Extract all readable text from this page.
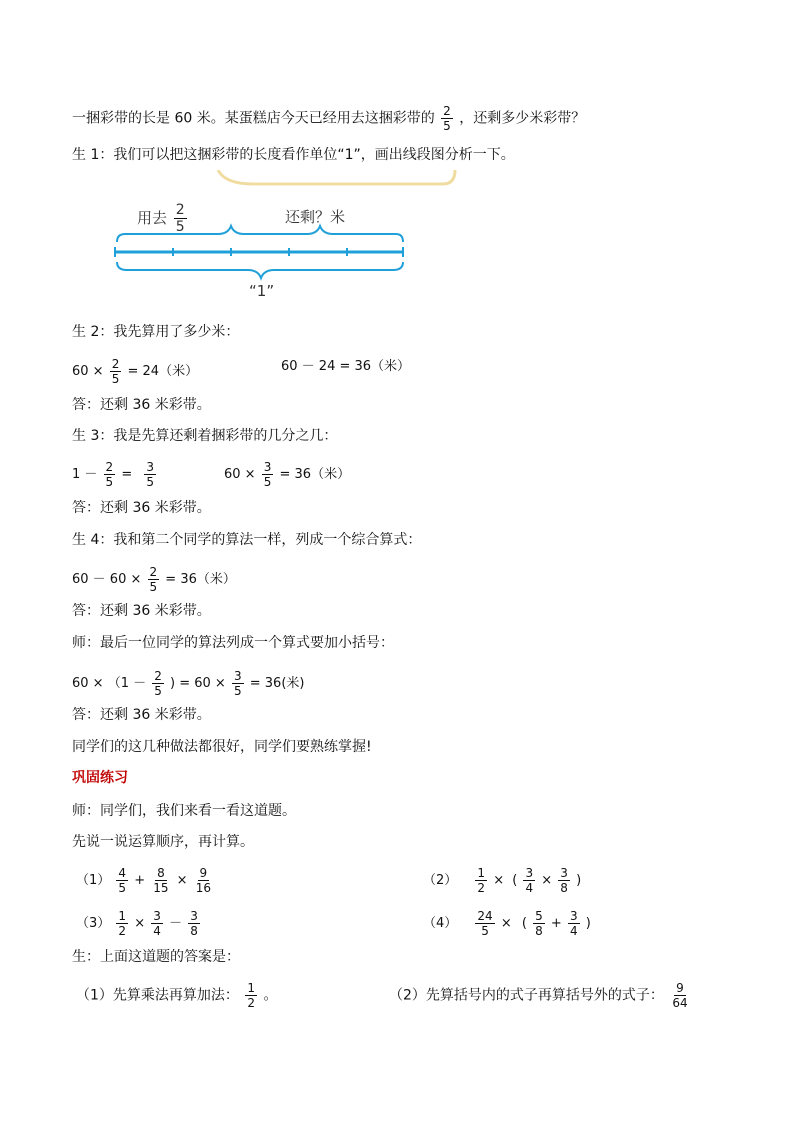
一捆彩带的长是 60 米。某蛋糕店今天已经用去这捆彩带的 $\frac{2}{5}$ ，还剩多少米彩带？
生 1：我们可以把这捆彩带的长度看作单位“1”，画出线段图分析一下。
用去 $\frac{2}{5}$	还剩？米
“1”
生 2：我先算用了多少米：
$60 \times \frac{2}{5} = 24$（米）	60 － 24 = 36（米）
答：还剩 36 米彩带。
生 3：我是先算还剩着捆彩带的几分之几：
$1 - \frac{2}{5} = \frac{3}{5}$	$60 \times \frac{3}{5} = 36$（米）
答：还剩 36 米彩带。
生 4：我和第二个同学的算法一样，列成一个综合算式：
$60 - 60 \times \frac{2}{5} = 36$（米）
答：还剩 36 米彩带。
师：最后一位同学的算法列成一个算式要加小括号：
$60 \times (1 - \frac{2}{5}$ ) = $60 \times \frac{3}{5} = 36$(米)
答：还剩 36 米彩带。
同学们的这几种做法都很好，同学们要熟练掌握!
巩固练习
师：同学们，我们来看一看这道题。
先说一说运算顺序，再计算。
$(1) \frac{4}{5} + \frac{8}{15} \times \frac{9}{16}$	$(2) \frac{1}{2}$ × ( $\frac{3}{4} \times \frac{3}{8}$ )
$(3) \frac{1}{2} \times \frac{3}{4} - \frac{3}{8}$	$(4) \frac{24}{5}$ × ( $\frac{5}{8} + \frac{3}{4}$ )
生：上面这道题的答案是：
（1）先算乘法再算加法： $\frac{1}{2}$ 。	（2）先算括号内的式子再算括号外的式子： $\frac{9}{64}$
